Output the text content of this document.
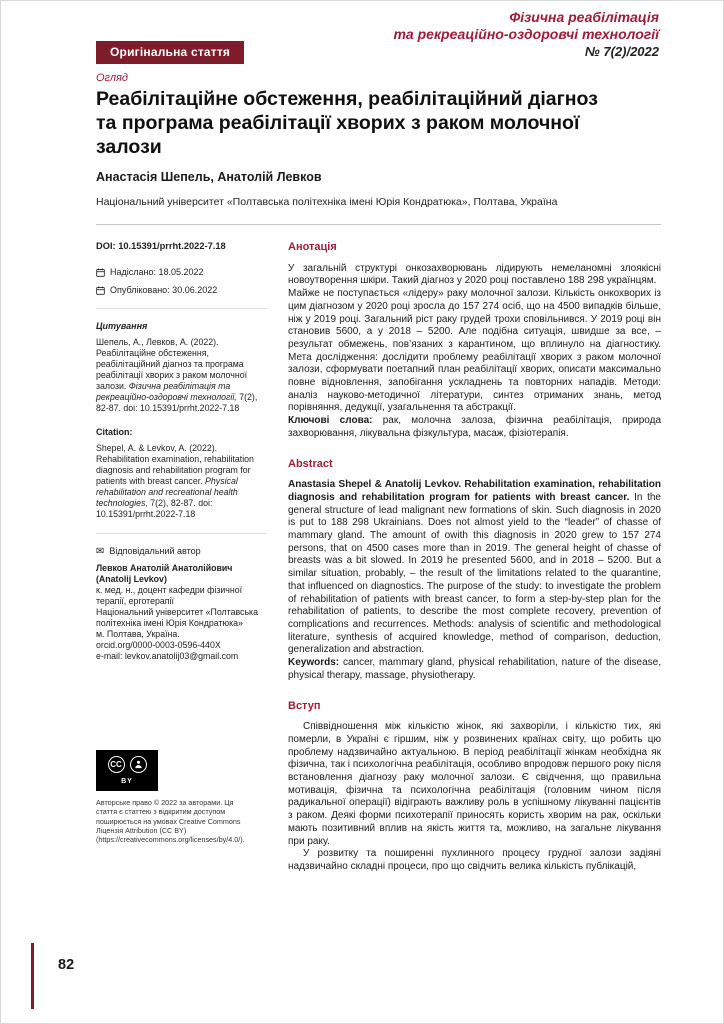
Фізична реабілітація
та рекреаційно-оздоровчі технології
№ 7(2)/2022
Оригінальна стаття
Огляд
Реабілітаційне обстеження, реабілітаційний діагноз та програма реабілітації хворих з раком молочної залози
Анастасія Шепель, Анатолій Левков
Національний університет «Полтавська політехніка імені Юрія Кондратюка», Полтава, Україна
DOI: 10.15391/prrht.2022-7.18
Надіслано: 18.05.2022
Опубліковано: 30.06.2022
Цитування
Шепель, А., Левков, А. (2022). Реабілітаційне обстеження, реабілітаційний діагноз та програма реабілітації хворих з раком молочної залози. Фізична реабілітація та рекреаційно-оздоровчі технології, 7(2), 82-87. doi: 10.15391/prrht.2022-7.18
Citation:
Shepel, A. & Levkov, A. (2022). Rehabilitation examination, rehabilitation diagnosis and rehabilitation program for patients with breast cancer. Physical rehabilitation and recreational health technologies, 7(2), 82-87. doi: 10.15391/prrht.2022-7.18
✉ Відповідальний автор
Левков Анатолій Анатолійович
(Anatolij Levkov)
к. мед. н., доцент кафедри фізичної терапії, ерготерапії
Національний університет «Полтавська політехніка імені Юрія Кондратюка»
м. Полтава, Україна.
orcid.org/0000-0003-0596-440X
e-mail: levkov.anatolij03@gmail.com
CC
BY
Авторське право © 2022 за авторами. Ця стаття є статтею з відкритим доступом поширюється на умовах Creative Commons Ліцензія Attribution (CC BY) (https://creativecommons.org/licenses/by/4.0/).
Анотація

У загальній структурі онкозахворювань лідирують немеланомні злоякісні новоутворення шкіри. Такий діагноз у 2020 році поставлено 188 298 українцям.

Майже не поступається «лідеру» раку молочної залози. Кількість онкохворих із цим діагнозом у 2020 році зросла до 157 274 осіб, що на 4500 випадків більше, ніж у 2019 році. Загальний ріст раку грудей трохи сповільнився. У 2019 році він становив 5600, а у 2018 – 5200. Але подібна ситуація, швидше за все, – результат обмежень, пов’язаних з карантином, що вплинуло на діагностику. Мета дослідження: дослідити проблему реабілітації хворих з раком молочної залози, сформувати поетапний план реабілітації хворих, описати максимально повне відновлення, запобігання ускладнень та повторних нападів. Методи: аналіз науково-методичної літератури, синтез отриманих знань, метод порівняння, дедукції, узагальнення та абстракції.

Ключові слова: рак, молочна залоза, фізична реабілітація, природа захворювання, лікувальна фізкультура, масаж, фізіотерапія.

Abstract

Anastasia Shepel & Anatolij Levkov. Rehabilitation examination, rehabilitation diagnosis and rehabilitation program for patients with breast cancer. In the general structure of lead malignant new formations of skin. Such diagnosis in 2020 is put to 188 298 Ukrainians. Does not almost yield to the “leader” of chasse of mammary gland. The amount of owith this diagnosis in 2020 grew to 157 274 persons, that on 4500 cases more than in 2019. The general height of chasse of breasts was a bit slowed. In 2019 he presented 5600, and in 2018 – 5200. But a similar situation, probably, – the result of the limitations related to the quarantine, that influenced on diagnostics. The purpose of the study: to investigate the problem of rehabilitation of patients with breast cancer, to form a step-by-step plan for the rehabilitation of patients, to describe the most complete recovery, prevention of complications and recurrences. Methods: analysis of scientific and methodological literature, synthesis of acquired knowledge, method of comparison, deduction, generalization and abstraction.

Keywords: cancer, mammary gland, physical rehabilitation, nature of the disease, physical therapy, massage, physiotherapy.

Вступ

Співвідношення між кількістю жінок, які захворіли, і кількістю тих, які померли, в Україні є гіршим, ніж у розвинених країнах світу, що робить цю проблему надзвичайно актуальною. В період реабілітації жінкам необхідна як фізична, так і психологічна реабілітація, особливо впродовж першого року після встановлення діагнозу раку молочної залози. Є свідчення, що правильна мотивація, фізична та психологічна реабілітація (головним чином після радикальної операції) відіграють важливу роль в успішному лікуванні пацієнтів з раком. Деякі форми психотерапії приносять користь хворим на рак, оскільки мають позитивний вплив на якість життя та, можливо, на загальне лікування при раку.

У розвитку та поширенні пухлинного процесу грудної залози задіяні надзвичайно складні процеси, про що свідчить велика кількість публікацій,

82
